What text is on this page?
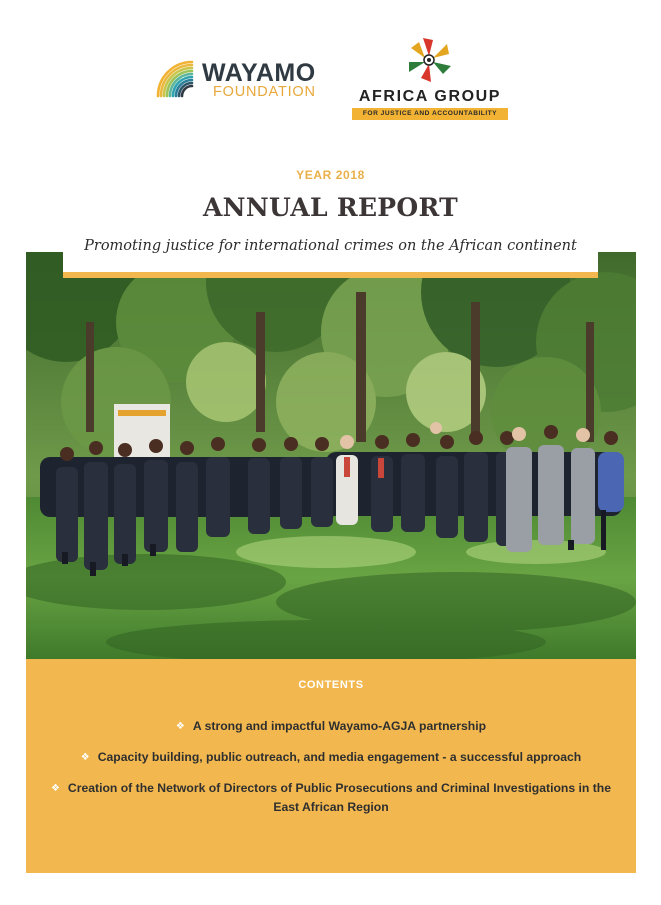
WAYAMO
FOUNDATION	AFRICA GROUP
FOR JUSTICE AND ACCOUNTABILITY
YEAR 2018
ANNUAL REPORT
Promoting justice for international crimes on the African continent
CONTENTS
❖ A strong and impactful Wayamo-AGJA partnership
❖ Capacity building, public outreach, and media engagement - a successful approach
❖ Creation of the Network of Directors of Public Prosecutions and Criminal Investigations in the East African Region
